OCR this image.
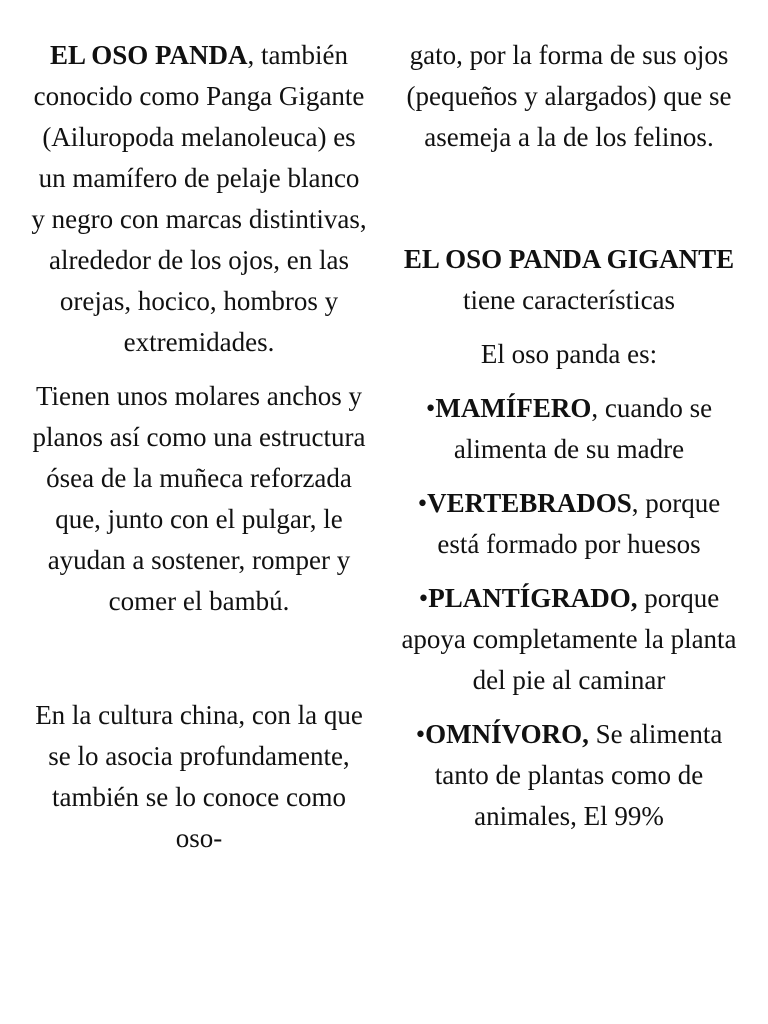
EL OSO PANDA, también conocido como Panga Gigante (Ailuropoda melanoleuca) es un mamífero de pelaje blanco y negro con marcas distintivas, alrededor de los ojos, en las orejas, hocico, hombros y extremidades.

Tienen unos molares anchos y planos así como una estructura ósea de la muñeca reforzada que, junto con el pulgar, le ayudan a sostener, romper y comer el bambú.

En la cultura china, con la que se lo asocia profundamente, también se lo conoce como oso-

gato, por la forma de sus ojos (pequeños y alargados) que se asemeja a la de los felinos.

EL OSO PANDA GIGANTE tiene características

El oso panda es:

•MAMÍFERO, cuando se alimenta de su madre

•VERTEBRADOS, porque está formado por huesos

•PLANTÍGRADO, porque apoya completamente la planta del pie al caminar

•OMNÍVORO, Se alimenta tanto de plantas como de animales, El 99%
